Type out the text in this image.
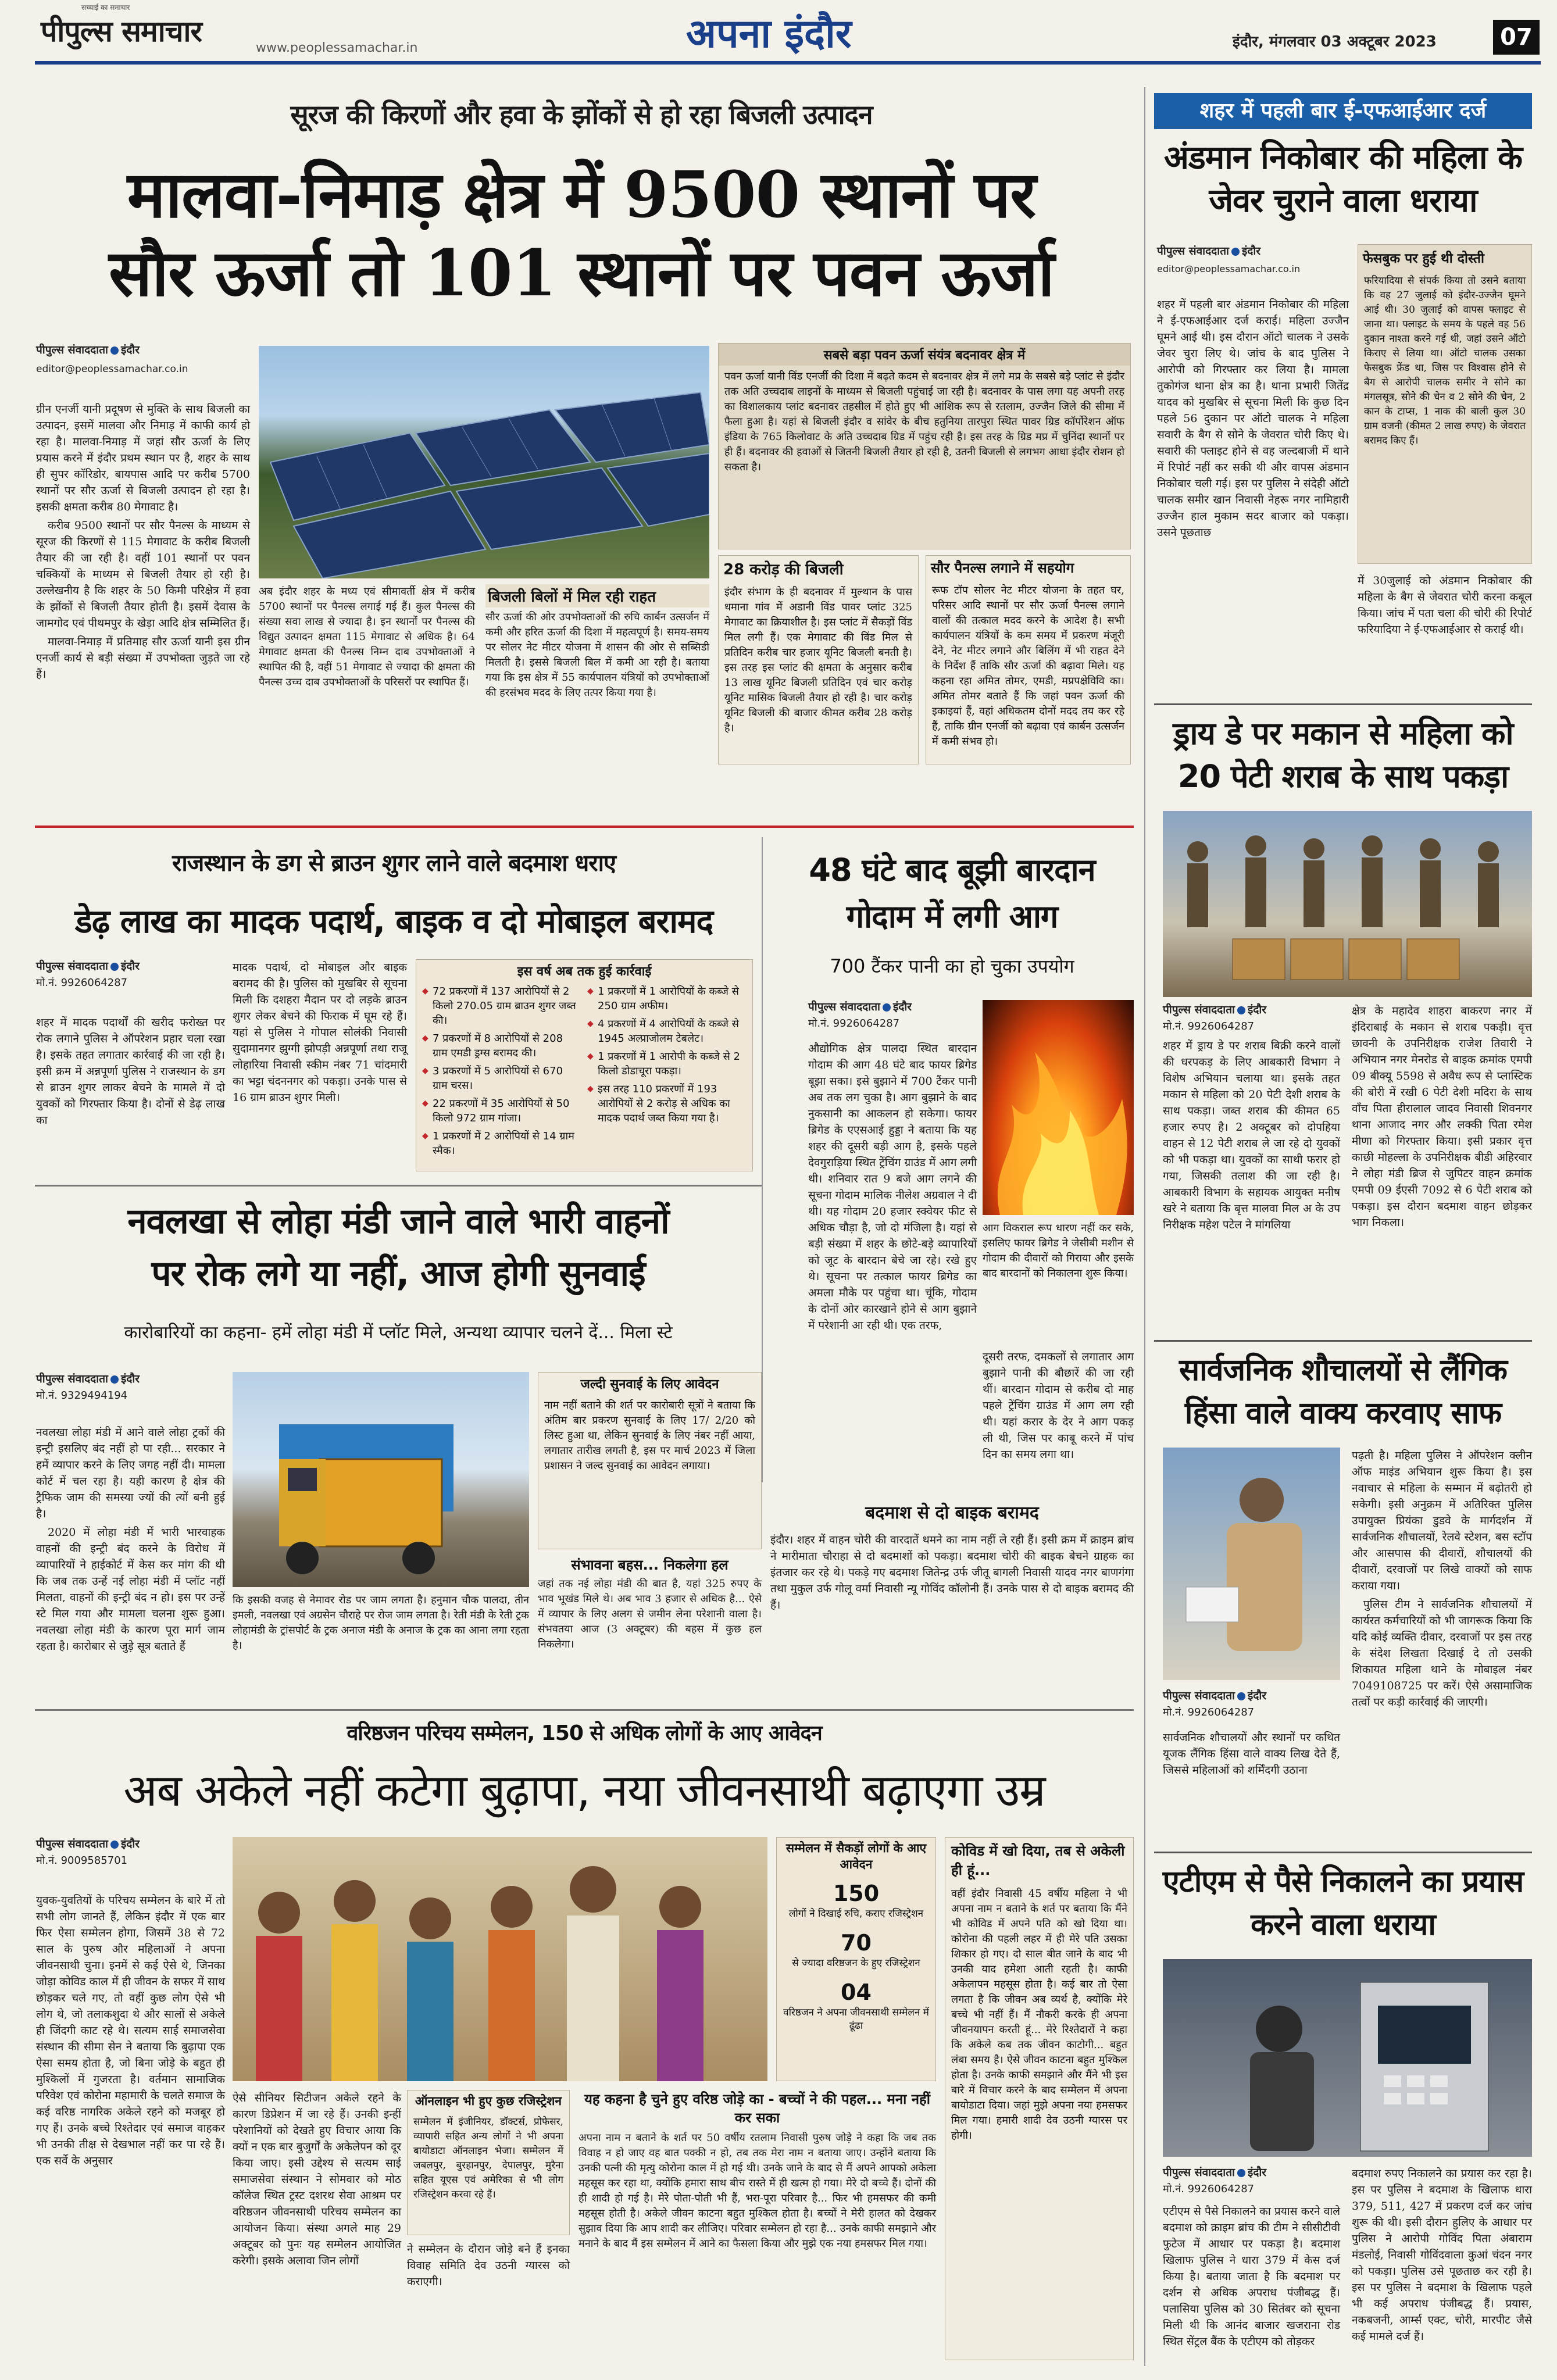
पीपुल्स समाचार
सच्चाई का समाचार
www.peoplessamachar.in	अपना इंदौर	इंदौर, मंगलवार 03 अक्टूबर 2023	07
सूरज की किरणों और हवा के झोंकों से हो रहा बिजली उत्पादन
मालवा-निमाड़ क्षेत्र में 9500 स्थानों पर
सौर ऊर्जा तो 101 स्थानों पर पवन ऊर्जा
पीपुल्स संवाददाता इंदौर
editor@peoplessamachar.co.in

ग्रीन एनर्जी यानी प्रदूषण से मुक्ति के साथ बिजली का उत्पादन, इसमें मालवा और निमाड़ में काफी कार्य हो रहा है। मालवा-निमाड़ में जहां सौर ऊर्जा के लिए प्रयास करने में इंदौर प्रथम स्थान पर है, शहर के साथ ही सुपर कॉरिडोर, बायपास आदि पर करीब 5700 स्थानों पर सौर ऊर्जा से बिजली उत्पादन हो रहा है। इसकी क्षमता करीब 80 मेगावाट है।

करीब 9500 स्थानों पर सौर पैनल्स के माध्यम से सूरज की किरणों से 115 मेगावाट के करीब बिजली तैयार की जा रही है। वहीं 101 स्थानों पर पवन चक्कियों के माध्यम से बिजली तैयार हो रही है। उल्लेखनीय है कि शहर के 50 किमी परिक्षेत्र में हवा के झोंकों से बिजली तैयार होती है। इसमें देवास के जामगोद एवं पीथमपुर के खेड़ा आदि क्षेत्र सम्मिलित हैं।

मालवा-निमाड़ में प्रतिमाह सौर ऊर्जा यानी इस ग्रीन एनर्जी कार्य से बड़ी संख्या में उपभोक्ता जुड़ते जा रहे हैं।

अब इंदौर शहर के मध्य एवं सीमावर्ती क्षेत्र में करीब 5700 स्थानों पर पैनल्स लगाई गई हैं। कुल पैनल्स की संख्या सवा लाख से ज्यादा है। इन स्थानों पर पैनल्स की विद्युत उत्पादन क्षमता 115 मेगावाट से अधिक है। 64 मेगावाट क्षमता की पैनल्स निम्न दाब उपभोक्ताओं ने स्थापित की है, वहीं 51 मेगावाट से ज्यादा की क्षमता की पैनल्स उच्च दाब उपभोक्ताओं के परिसरों पर स्थापित हैं।
बिजली बिलों में मिल रही राहत
सौर ऊर्जा की ओर उपभोक्ताओं की रुचि कार्बन उत्सर्जन में कमी और हरित ऊर्जा की दिशा में महत्वपूर्ण है। समय-समय पर सोलर नेट मीटर योजना में शासन की ओर से सब्सिडी मिलती है। इससे बिजली बिल में कमी आ रही है। बताया गया कि इस क्षेत्र में 55 कार्यपालन यंत्रियों को उपभोक्ताओं की हरसंभव मदद के लिए तत्पर किया गया है।
सबसे बड़ा पवन ऊर्जा संयंत्र बदनावर क्षेत्र में
पवन ऊर्जा यानी विंड एनर्जी की दिशा में बढ़ते कदम से बदनावर क्षेत्र में लगे मप्र के सबसे बड़े प्लांट से इंदौर तक अति उच्चदाब लाइनों के माध्यम से बिजली पहुंचाई जा रही है। बदनावर के पास लगा यह अपनी तरह का विशालकाय प्लांट बदनावर तहसील में होते हुए भी आंशिक रूप से रतलाम, उज्जैन जिले की सीमा में फैला हुआ है। यहां से बिजली इंदौर व सांवेर के बीच हतुनिया तारपुरा स्थित पावर ग्रिड कॉर्पोरेशन ऑफ इंडिया के 765 किलोवाट के अति उच्चदाब ग्रिड में पहुंच रही है। इस तरह के ग्रिड मप्र में चुनिंदा स्थानों पर ही हैं। बदनावर की हवाओं से जितनी बिजली तैयार हो रही है, उतनी बिजली से लगभग आधा इंदौर रोशन हो सकता है।
28 करोड़ की बिजली
इंदौर संभाग के ही बदनावर में मुल्थान के पास धमाना गांव में अडानी विंड पावर प्लांट 325 मेगावाट का क्रियाशील है। इस प्लांट में सैकड़ों विंड मिल लगी हैं। एक मेगावाट की विंड मिल से प्रतिदिन करीब चार हजार यूनिट बिजली बनती है। इस तरह इस प्लांट की क्षमता के अनुसार करीब 13 लाख यूनिट बिजली प्रतिदिन एवं चार करोड़ यूनिट मासिक बिजली तैयार हो रही है। चार करोड़ यूनिट बिजली की बाजार कीमत करीब 28 करोड़ है।
सौर पैनल्स लगाने में सहयोग
रूफ टॉप सोलर नेट मीटर योजना के तहत घर, परिसर आदि स्थानों पर सौर ऊर्जा पैनल्स लगाने वालों की तत्काल मदद करने के आदेश है। सभी कार्यपालन यंत्रियों के कम समय में प्रकरण मंजूरी देने, नेट मीटर लगाने और बिलिंग में भी राहत देने के निर्देश हैं ताकि सौर ऊर्जा की बढ़ावा मिले। यह कहना रहा अमित तोमर, एमडी, मप्रपक्षेविवि का। अमित तोमर बताते हैं कि जहां पवन ऊर्जा की इकाइयां हैं, वहां अधिकतम दोनों मदद तय कर रहे हैं, ताकि ग्रीन एनर्जी को बढ़ावा एवं कार्बन उत्सर्जन में कमी संभव हो।
शहर में पहली बार ई-एफआईआर दर्ज
अंडमान निकोबार की महिला के जेवर चुराने वाला धराया
पीपुल्स संवाददाता इंदौर
editor@peoplessamachar.co.in
शहर में पहली बार अंडमान निकोबार की महिला ने ई-एफआईआर दर्ज कराई। महिला उज्जैन घूमने आई थी। इस दौरान ऑटो चालक ने उसके जेवर चुरा लिए थे। जांच के बाद पुलिस ने आरोपी को गिरफ्तार कर लिया है। मामला तुकोगंज थाना क्षेत्र का है। थाना प्रभारी जितेंद्र यादव को मुखबिर से सूचना मिली कि कुछ दिन पहले 56 दुकान पर ऑटो चालक ने महिला सवारी के बैग से सोने के जेवरात चोरी किए थे। सवारी की फ्लाइट होने से वह जल्दबाजी में थाने में रिपोर्ट नहीं कर सकी थी और वापस अंडमान निकोबार चली गई। इस पर पुलिस ने संदेही ऑटो चालक समीर खान निवासी नेहरू नगर नामिहारी उज्जैन हाल मुकाम सदर बाजार को पकड़ा। उसने पूछताछ
फेसबुक पर हुई थी दोस्ती
फरियादिया से संपर्क किया तो उसने बताया कि वह 27 जुलाई को इंदौर-उज्जैन घूमने आई थी। 30 जुलाई को वापस फ्लाइट से जाना था। फ्लाइट के समय के पहले वह 56 दुकान नाश्ता करने गई थी, जहां उसने ऑटो किराए से लिया था। ऑटो चालक उसका फेसबुक फ्रेंड था, जिस पर विश्वास होने से बैग से आरोपी चालक समीर ने सोने का मंगलसूत्र, सोने की चेन व 2 सोने की चेन, 2 कान के टाप्स, 1 नाक की बाली कुल 30 ग्राम वजनी (कीमत 2 लाख रुपए) के जेवरात बरामद किए हैं।
में 30जुलाई को अंडमान निकोबार की महिला के बैग से जेवरात चोरी करना कबूल किया। जांच में पता चला की चोरी की रिपोर्ट फरियादिया ने ई-एफआईआर से कराई थी।
ड्राय डे पर मकान से महिला को 20 पेटी शराब के साथ पकड़ा
पीपुल्स संवाददाता इंदौर
मो.नं. 9926064287
शहर में ड्राय डे पर शराब बिक्री करने वालों की धरपकड़ के लिए आबकारी विभाग ने विशेष अभियान चलाया था। इसके तहत मकान से महिला को 20 पेटी देशी शराब के साथ पकड़ा। जब्त शराब की कीमत 65 हजार रुपए है। 2 अक्टूबर को दोपहिया वाहन से 12 पेटी शराब ले जा रहे दो युवकों को भी पकड़ा था। युवकों का साथी फरार हो गया, जिसकी तलाश की जा रही है। आबकारी विभाग के सहायक आयुक्त मनीष खरे ने बताया कि बृत्त मालवा मिल अ के उप निरीक्षक महेश पटेल ने मांगलिया
क्षेत्र के महादेव शाहरा बाकरण नगर में इंदिराबाई के मकान से शराब पकड़ी। वृत्त छावनी के उपनिरीक्षक राजेश तिवारी ने अभियान नगर मेनरोड से बाइक क्रमांक एमपी 09 बीक्यू 5598 से अवैध रूप से प्लास्टिक की बोरी में रखी 6 पेटी देशी मदिरा के साथ वाँच पिता हीरालाल जादव निवासी शिवनगर थाना आजाद नगर और लक्की पिता रमेश मीणा को गिरफ्तार किया। इसी प्रकार वृत्त काछी मोहल्ला के उपनिरीक्षक बीडी अहिरवार ने लोहा मंडी ब्रिज से जुपिटर वाहन क्रमांक एमपी 09 ईएसी 7092 से 6 पेटी शराब को पकड़ा। इस दौरान बदमाश वाहन छोड़कर भाग निकला।
सार्वजनिक शौचालयों से लैंगिक हिंसा वाले वाक्य करवाए साफ
पीपुल्स संवाददाता इंदौर
मो.नं. 9926064287
सार्वजनिक शौचालयों और स्थानों पर कथित यूजक लैंगिक हिंसा वाले वाक्य लिख देते हैं, जिससे महिलाओं को शर्मिंदगी उठाना

पढ़ती है। महिला पुलिस ने ऑपरेशन क्लीन ऑफ माइंड अभियान शुरू किया है। इस नवाचार से महिला के सम्मान में बढ़ोतरी हो सकेगी। इसी अनुक्रम में अतिरिक्त पुलिस उपायुक्त प्रियंका डुडवे के मार्गदर्शन में सार्वजनिक शौचालयों, रेलवे स्टेशन, बस स्टॉप और आसपास की दीवारों, शौचालयों की दीवारों, दरवाजों पर लिखे वाक्यों को साफ कराया गया।

पुलिस टीम ने सार्वजनिक शौचालयों में कार्यरत कर्मचारियों को भी जागरूक किया कि यदि कोई व्यक्ति दीवार, दरवाजों पर इस तरह के संदेश लिखता दिखाई दे तो उसकी शिकायत महिला थाने के मोबाइल नंबर 7049108725 पर करें। ऐसे असामाजिक तत्वों पर कड़ी कार्रवाई की जाएगी।

एटीएम से पैसे निकालने का प्रयास करने वाला धराया
पीपुल्स संवाददाता इंदौर
मो.नं. 9926064287
एटीएम से पैसे निकालने का प्रयास करने वाले बदमाश को क्राइम ब्रांच की टीम ने सीसीटीवी फुटेज में आधार पर पकड़ा है। बदमाश खिलाफ पुलिस ने धारा 379 में केस दर्ज किया है। बताया जाता है कि बदमाश पर दर्शन से अधिक अपराध पंजीबद्ध हैं। पलासिया पुलिस को 30 सितंबर को सूचना मिली थी कि आनंद बाजार खजराना रोड स्थित सेंट्रल बैंक के एटीएम को तोड़कर
बदमाश रुपए निकालने का प्रयास कर रहा है। इस पर पुलिस ने बदमाश के खिलाफ धारा 379, 511, 427 में प्रकरण दर्ज कर जांच शुरू की थी। इसी दौरान हुलिए के आधार पर पुलिस ने आरोपी गोविंद पिता अंबाराम मंडलोई, निवासी गोविंदवाला कुआं चंदन नगर को पकड़ा। पुलिस उसे पूछताछ कर रही है। इस पर पुलिस ने बदमाश के खिलाफ पहले भी कई अपराध पंजीबद्ध हैं। प्रयास, नकबजनी, आर्म्स एक्ट, चोरी, मारपीट जैसे कई मामले दर्ज हैं।
राजस्थान के डग से ब्राउन शुगर लाने वाले बदमाश धराए
डेढ़ लाख का मादक पदार्थ, बाइक व दो मोबाइल बरामद
पीपुल्स संवाददाता इंदौर
मो.नं. 9926064287
शहर में मादक पदार्थों की खरीद फरोख्त पर रोक लगाने पुलिस ने ऑपरेशन प्रहार चला रखा है। इसके तहत लगातार कार्रवाई की जा रही है। इसी क्रम में अन्नपूर्णा पुलिस ने राजस्थान के डग से ब्राउन शुगर लाकर बेचने के मामले में दो युवकों को गिरफ्तार किया है। दोनों से डेढ़ लाख का
मादक पदार्थ, दो मोबाइल और बाइक बरामद की है। पुलिस को मुखबिर से सूचना मिली कि दशहरा मैदान पर दो लड़के ब्राउन शुगर लेकर बेचने की फिराक में घूम रहे हैं। यहां से पुलिस ने गोपाल सोलंकी निवासी सुदामानगर झुग्गी झोपड़ी अन्नपूर्णा तथा राजू लोहारिया निवासी स्कीम नंबर 71 चांदमारी का भट्टा चंदननगर को पकड़ा। उनके पास से 16 ग्राम ब्राउन शुगर मिली।
इस वर्ष अब तक हुई कार्रवाई
◆ 72 प्रकरणों में 137 आरोपियों से 2 किलो 270.05 ग्राम ब्राउन शुगर जब्त की।
◆ 7 प्रकरणों में 8 आरोपियों से 208 ग्राम एमडी ड्रग्स बरामद की।
◆ 3 प्रकरणों में 5 आरोपियों से 670 ग्राम चरस।
◆ 22 प्रकरणों में 35 आरोपियों से 50 किलो 972 ग्राम गांजा।
◆ 1 प्रकरणों में 2 आरोपियों से 14 ग्राम स्मैक।
◆ 1 प्रकरणों में 1 आरोपियों के कब्जे से 250 ग्राम अफीम।
◆ 4 प्रकरणों में 4 आरोपियों के कब्जे से 1945 अल्प्राजोलम टेबलेट।
◆ 1 प्रकरणों में 1 आरोपी के कब्जे से 2 किलो डोडाचूरा पकड़ा।
◆ इस तरह 110 प्रकरणों में 193 आरोपियों से 2 करोड़ से अधिक का मादक पदार्थ जब्त किया गया है।
48 घंटे बाद बूझी बारदान
गोदाम में लगी आग
700 टैंकर पानी का हो चुका उपयोग
पीपुल्स संवाददाता इंदौर
मो.नं. 9926064287
औद्योगिक क्षेत्र पालदा स्थित बारदान गोदाम की आग 48 घंटे बाद फायर ब्रिगेड बूझा सका। इसे बुझाने में 700 टैंकर पानी अब तक लग चुका है। आग बुझाने के बाद नुकसानी का आकलन हो सकेगा। फायर ब्रिगेड के एएसआई हुड्डा ने बताया कि यह शहर की दूसरी बड़ी आग है, इसके पहले देवगुराड़िया स्थित ट्रेंचिंग ग्राउंड में आग लगी थी। शनिवार रात 9 बजे आग लगने की सूचना गोदाम मालिक नीलेश अग्रवाल ने दी थी। यह गोदाम 20 हजार स्क्वेयर फीट से अधिक चौड़ा है, जो दो मंजिला है। यहां से बड़ी संख्या में शहर के छोटे-बड़े व्यापारियों को जूट के बारदान बेचे जा रहे। रखे हुए थे। सूचना पर तत्काल फायर ब्रिगेड का अमला मौके पर पहुंचा था। चूंकि, गोदाम के दोनों ओर कारखाने होने से आग बुझाने में परेशानी आ रही थी। एक तरफ,
आग विकराल रूप धारण नहीं कर सके, इसलिए फायर ब्रिगेड ने जेसीबी मशीन से गोदाम की दीवारों को गिराया और इसके बाद बारदानों को निकालना शुरू किया।
दूसरी तरफ, दमकलों से लगातार आग बुझाने पानी की बौछारें की जा रही थीं। बारदान गोदाम से करीब दो माह पहले ट्रेंचिंग ग्राउंड में आग लग रही थी। यहां करार के देर ने आग पकड़ ली थी, जिस पर काबू करने में पांच दिन का समय लगा था।
बदमाश से दो बाइक बरामद
इंदौर। शहर में वाहन चोरी की वारदातें थमने का नाम नहीं ले रही हैं। इसी क्रम में क्राइम ब्रांच ने मारीमाता चौराहा से दो बदमाशों को पकड़ा। बदमाश चोरी की बाइक बेचने ग्राहक का इंतजार कर रहे थे। पकड़े गए बदमाश जितेन्द्र उर्फ जीतू बागली निवासी यादव नगर बाणगंगा तथा मुकुल उर्फ गोलू वर्मा निवासी न्यू गोविंद कॉलोनी हैं। उनके पास से दो बाइक बरामद की हैं।
नवलखा से लोहा मंडी जाने वाले भारी वाहनों
पर रोक लगे या नहीं, आज होगी सुनवाई
कारोबारियों का कहना- हमें लोहा मंडी में प्लॉट मिले, अन्यथा व्यापार चलने दें... मिला स्टे
पीपुल्स संवाददाता इंदौर
मो.नं. 9329494194

नवलखा लोहा मंडी में आने वाले लोहा ट्रकों की इन्ट्री इसलिए बंद नहीं हो पा रही... सरकार ने हमें व्यापार करने के लिए जगह नहीं दी। मामला कोर्ट में चल रहा है। यही कारण है क्षेत्र की ट्रैफिक जाम की समस्या ज्यों की त्यों बनी हुई है।

2020 में लोहा मंडी में भारी भारवाहक वाहनों की इन्ट्री बंद करने के विरोध में व्यापारियों ने हाईकोर्ट में केस कर मांग की थी कि जब तक उन्हें नई लोहा मंडी में प्लॉट नहीं मिलता, वाहनों की इन्ट्री बंद न हो। इस पर उन्हें स्टे मिल गया और मामला चलना शुरू हुआ। नवलखा लोहा मंडी के कारण पूरा मार्ग जाम रहता है। कारोबार से जुड़े सूत्र बताते हैं

कि इसकी वजह से नेमावर रोड पर जाम लगता है। हनुमान चौक पालदा, तीन इमली, नवलखा एवं अग्रसेन चौराहे पर रोज जाम लगता है। रेती मंडी के रेती ट्रक लोहामंडी के ट्रांसपोर्ट के ट्रक अनाज मंडी के अनाज के ट्रक का आना लगा रहता है।
जल्दी सुनवाई के लिए आवेदन
नाम नहीं बताने की शर्त पर कारोबारी सूत्रों ने बताया कि अंतिम बार प्रकरण सुनवाई के लिए 17/ 2/20 को लिस्ट हुआ था, लेकिन सुनवाई के लिए नंबर नहीं आया, लगातार तारीख लगती है, इस पर मार्च 2023 में जिला प्रशासन ने जल्द सुनवाई का आवेदन लगाया।
संभावना बहस... निकलेगा हल
जहां तक नई लोहा मंडी की बात है, यहां 325 रुपए के भाव भूखंड मिले थे। अब भाव 3 हजार से अधिक है... ऐसे में व्यापार के लिए अलग से जमीन लेना परेशानी वाला है। संभवतया आज (3 अक्टूबर) की बहस में कुछ हल निकलेगा।
वरिष्ठजन परिचय सम्मेलन, 150 से अधिक लोगों के आए आवेदन
अब अकेले नहीं कटेगा बुढ़ापा, नया जीवनसाथी बढ़ाएगा उम्र
पीपुल्स संवाददाता इंदौर
मो.नं. 9009585701
युवक-युवतियों के परिचय सम्मेलन के बारे में तो सभी लोग जानते हैं, लेकिन इंदौर में एक बार फिर ऐसा सम्मेलन होगा, जिसमें 38 से 72 साल के पुरुष और महिलाओं ने अपना जीवनसाथी चुना। इनमें से कई ऐसे थे, जिनका जोड़ा कोविड काल में ही जीवन के सफर में साथ छोड़कर चले गए, तो वहीं कुछ लोग ऐसे भी लोग थे, जो तलाकशुदा थे और सालों से अकेले ही जिंदगी काट रहे थे। सत्यम साई समाजसेवा संस्थान की सीमा सेन ने बताया कि बुढ़ापा एक ऐसा समय होता है, जो बिना जोड़े के बहुत ही मुश्किलों में गुजरता है। वर्तमान सामाजिक परिवेश एवं कोरोना महामारी के चलते समाज के कई वरिष्ठ नागरिक अकेले रहने को मजबूर हो गए हैं। उनके बच्चे रिश्तेदार एवं समाज वाहकर भी उनकी तीक्ष से देखभाल नहीं कर पा रहे हैं। एक सर्वे के अनुसार
ऐसे सीनियर सिटीजन अकेले रहने के कारण डिप्रेशन में जा रहे हैं। उनकी इन्हीं परेशानियों को देखते हुए विचार आया कि क्यों न एक बार बुजुर्गों के अकेलेपन को दूर किया जाए। इसी उद्देश्य से सत्यम साई समाजसेवा संस्थान ने सोमवार को मोठ कॉलेज स्थित ट्रस्ट दशरथ सेवा आश्रम पर वरिष्ठजन जीवनसाथी परिचय सम्मेलन का आयोजन किया। संस्था अगले माह 29 अक्टूबर को पुनः यह सम्मेलन आयोजित करेगी। इसके अलावा जिन लोगों
ऑनलाइन भी हुए कुछ रजिस्ट्रेशन
सम्मेलन में इंजीनियर, डॉक्टर्स, प्रोफेसर, व्यापारी सहित अन्य लोगों ने भी अपना बायोडाटा ऑनलाइन भेजा। सम्मेलन में जबलपुर, बुरहानपुर, देपालपुर, मुरैना सहित यूएस एवं अमेरिका से भी लोग रजिस्ट्रेशन करवा रहे हैं।
ने सम्मेलन के दौरान जोड़े बने हैं इनका विवाह समिति देव उठनी ग्यारस को कराएगी।
सम्मेलन में सैकड़ों लोगों के आए आवेदन
150
लोगों ने दिखाई रुचि, कराए रजिस्ट्रेशन
70
से ज्यादा वरिष्ठजन के हुए रजिस्ट्रेशन
04
वरिष्ठजन ने अपना जीवनसाथी सम्मेलन में ढूंढा
कोविड में खो दिया, तब से अकेली ही हूं...
वहीं इंदौर निवासी 45 वर्षीय महिला ने भी अपना नाम न बताने के शर्त पर बताया कि मैंने भी कोविड में अपने पति को खो दिया था। कोरोना की पहली लहर में ही मेरे पति उसका शिकार हो गए। दो साल बीत जाने के बाद भी उनकी याद हमेशा आती रहती है। काफी अकेलापन महसूस होता है। कई बार तो ऐसा लगता है कि जीवन अब व्यर्थ है, क्योंकि मेरे बच्चे भी नहीं हैं। मैं नौकरी करके ही अपना जीवनयापन करती हूं... मेरे रिश्तेदारों ने कहा कि अकेले कब तक जीवन काटोगी... बहुत लंबा समय है। ऐसे जीवन काटना बहुत मुश्किल होता है। उनके काफी समझाने और मैंने भी इस बारे में विचार करने के बाद सम्मेलन में अपना बायोडाटा दिया। जहां मुझे अपना नया हमसफर मिल गया। हमारी शादी देव उठनी ग्यारस पर होगी।
यह कहना है चुने हुए वरिष्ठ जोड़े का - बच्चों ने की पहल... मना नहीं कर सका
अपना नाम न बताने के शर्त पर 50 वर्षीय रतलाम निवासी पुरुष जोड़े ने कहा कि जब तक विवाह न हो जाए वह बात पक्की न हो, तब तक मेरा नाम न बताया जाए। उन्होंने बताया कि उनकी पत्नी की मृत्यु कोरोना काल में हो गई थी। उनके जाने के बाद से मैं अपने आपको अकेला महसूस कर रहा था, क्योंकि हमारा साथ बीच रास्ते में ही खत्म हो गया। मेरे दो बच्चे हैं। दोनों की ही शादी हो गई है। मेरे पोता-पोती भी हैं, भरा-पूरा परिवार है... फिर भी हमसफर की कमी महसूस होती है। अकेले जीवन काटना बहुत मुश्किल होता है। बच्चों ने मेरी हालत को देखकर सुझाव दिया कि आप शादी कर लीजिए। परिवार सम्मेलन हो रहा है... उनके काफी समझाने और मनाने के बाद मैं इस सम्मेलन में आने का फैसला किया और मुझे एक नया हमसफर मिल गया।
